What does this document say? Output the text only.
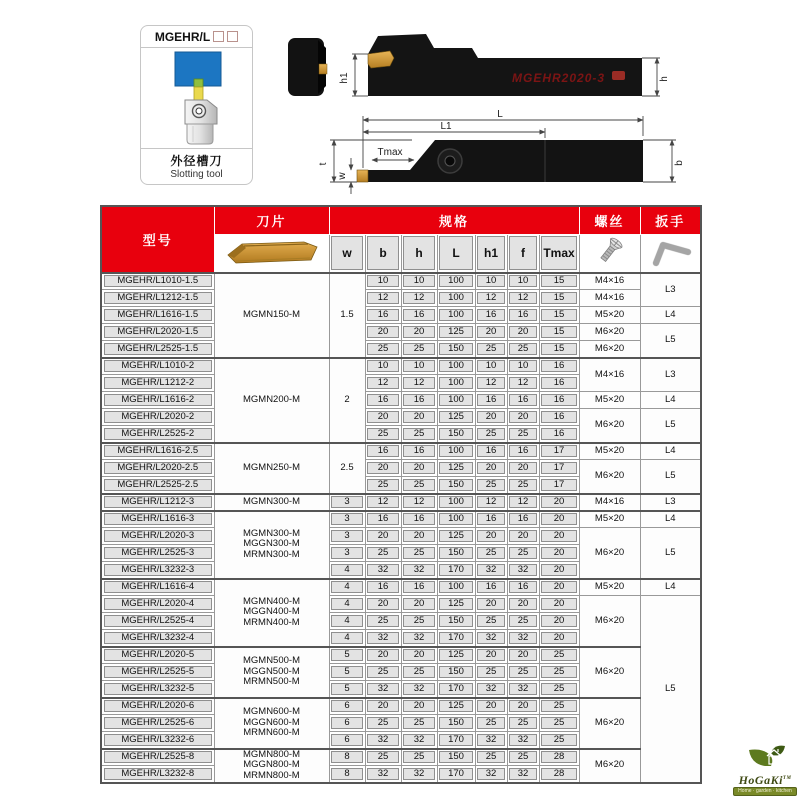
MGEHR/L
外径槽刀
Slotting tool
MGEHR2020-3
h1	h
L
L1
Tmax
t
w
b
型号	刀片	规格							螺丝	扳手

w	b	h	L	h1	f	Tmax

MGEHR/L1010-1.5	MGMN150-M	1.5	10	10	100	10	10	15	M4×16	L3

MGEHR/L1212-1.5			12	12	100	12	12	15	M4×16	

MGEHR/L1616-1.5			16	16	100	16	16	15	M5×20	L4

MGEHR/L2020-1.5			20	20	125	20	20	15	M6×20	L5

MGEHR/L2525-1.5			25	25	150	25	25	15	M6×20	

MGEHR/L1010-2	MGMN200-M	2	10	10	100	10	10	16	M4×16	L3

MGEHR/L1212-2			12	12	100	12	12	16		

MGEHR/L1616-2			16	16	100	16	16	16	M5×20	L4

MGEHR/L2020-2			20	20	125	20	20	16	M6×20	L5

MGEHR/L2525-2			25	25	150	25	25	16		

MGEHR/L1616-2.5	MGMN250-M	2.5	16	16	100	16	16	17	M5×20	L4

MGEHR/L2020-2.5			20	20	125	20	20	17	M6×20	L5

MGEHR/L2525-2.5			25	25	150	25	25	17		

MGEHR/L1212-3	MGMN300-M	3	12	12	100	12	12	20	M4×16	L3

MGEHR/L1616-3	MGMN300-M
MGGN300-M
MRMN300-M	3	16	16	100	16	16	20	M5×20	L4

MGEHR/L2020-3		3	20	20	125	20	20	20	M6×20	L5

MGEHR/L2525-3		3	25	25	150	25	25	20		

MGEHR/L3232-3		4	32	32	170	32	32	20		

MGEHR/L1616-4	MGMN400-M
MGGN400-M
MRMN400-M	4	16	16	100	16	16	20	M5×20	L4

MGEHR/L2020-4		4	20	20	125	20	20	20	M6×20	L5

MGEHR/L2525-4		4	25	25	150	25	25	20		

MGEHR/L3232-4		4	32	32	170	32	32	20		

MGEHR/L2020-5	MGMN500-M
MGGN500-M
MRMN500-M	5	20	20	125	20	20	25	M6×20	

MGEHR/L2525-5		5	25	25	150	25	25	25		

MGEHR/L3232-5		5	32	32	170	32	32	25		

MGEHR/L2020-6	MGMN600-M
MGGN600-M
MRMN600-M	6	20	20	125	20	20	25	M6×20	

MGEHR/L2525-6		6	25	25	150	25	25	25		

MGEHR/L3232-6		6	32	32	170	32	32	25		

MGEHR/L2525-8	MGMN800-M
MGGN800-M
MRMN800-M	8	25	25	150	25	25	28	M6×20	

MGEHR/L3232-8		8	32	32	170	32	32	28			HoGaKi™
Home · garden · kitchen
